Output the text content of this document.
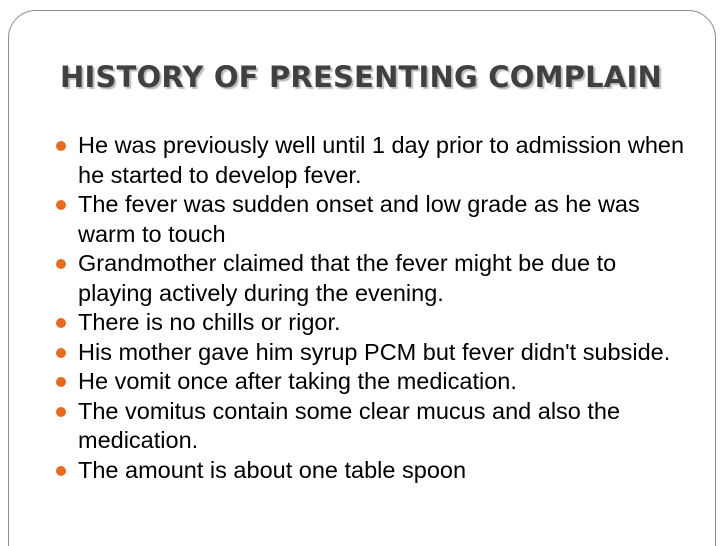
HISTORY OF PRESENTING COMPLAIN
He was previously well until 1 day prior to admission when he started to develop fever.
The fever was sudden onset and low grade as he was warm to touch
Grandmother claimed that the fever might be due to playing actively during the evening.
There is no chills or rigor.
His mother gave him syrup PCM but fever didn't subside.
He vomit once after taking the medication.
The vomitus contain some clear mucus and also the medication.
The amount is about one table spoon
